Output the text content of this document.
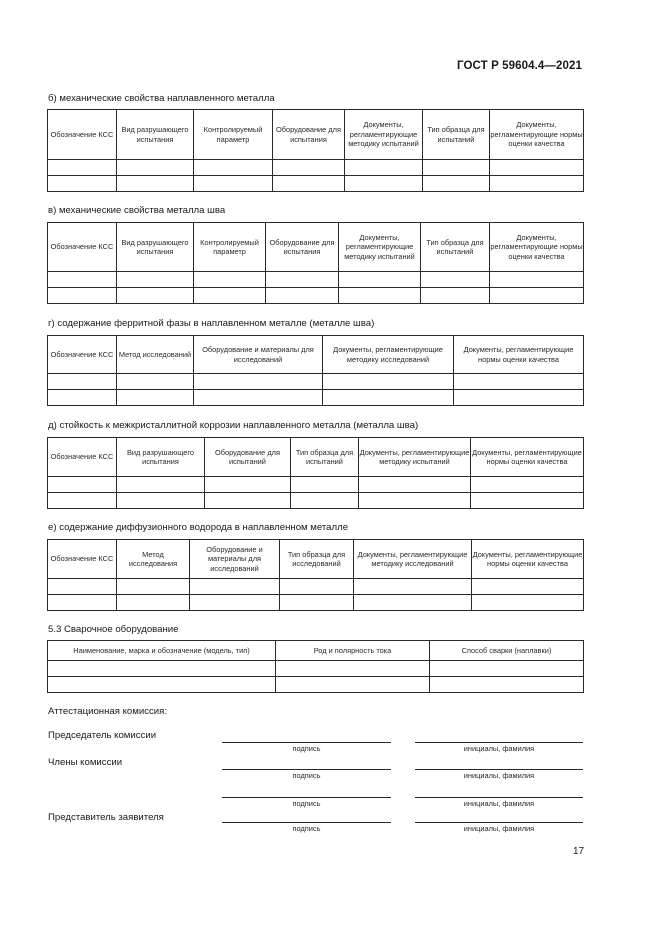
ГОСТ Р 59604.4—2021
б) механические свойства наплавленного металла
Обозначение КСС	Вид разрушающего испытания	Контролируемый параметр	Оборудование для испытания	Документы, регламентирующие методику испытаний	Тип образца для испытаний	Документы, регламентирующие нормы оценки качества

в) механические свойства металла шва
Обозначение КСС	Вид разрушающего испытания	Контролируемый параметр	Оборудование для испытания	Документы, регламентирующие методику испытаний	Тип образца для испытаний	Документы, регламентирующие нормы оценки качества

г) содержание ферритной фазы в наплавленном металле (металле шва)
Обозначение КСС	Метод исследований	Оборудование и материалы для исследований	Документы, регламентирующие методику исследований	Документы, регламентирующие нормы оценки качества

д) стойкость к межкристаллитной коррозии наплавленного металла (металла шва)
Обозначение КСС	Вид разрушающего испытания	Оборудование для испытаний	Тип образца для испытаний	Документы, регламентирующие методику испытаний	Документы, регламентирующие нормы оценки качества

е) содержание диффузионного водорода в наплавленном металле
Обозначение КСС	Метод исследования	Оборудование и материалы для исследований	Тип образца для исследований	Документы, регламентирующие методику исследований	Документы, регламентирующие нормы оценки качества

5.3 Сварочное оборудование
Наименование, марка и обозначение (модель, тип)	Род и полярность тока	Способ сварки (наплавки)

Аттестационная комиссия:
Председатель комиссии
подпись	инициалы, фамилия
Члены комиссии
подпись	инициалы, фамилия
подпись	инициалы, фамилия
Представитель заявителя
подпись	инициалы, фамилия
17
